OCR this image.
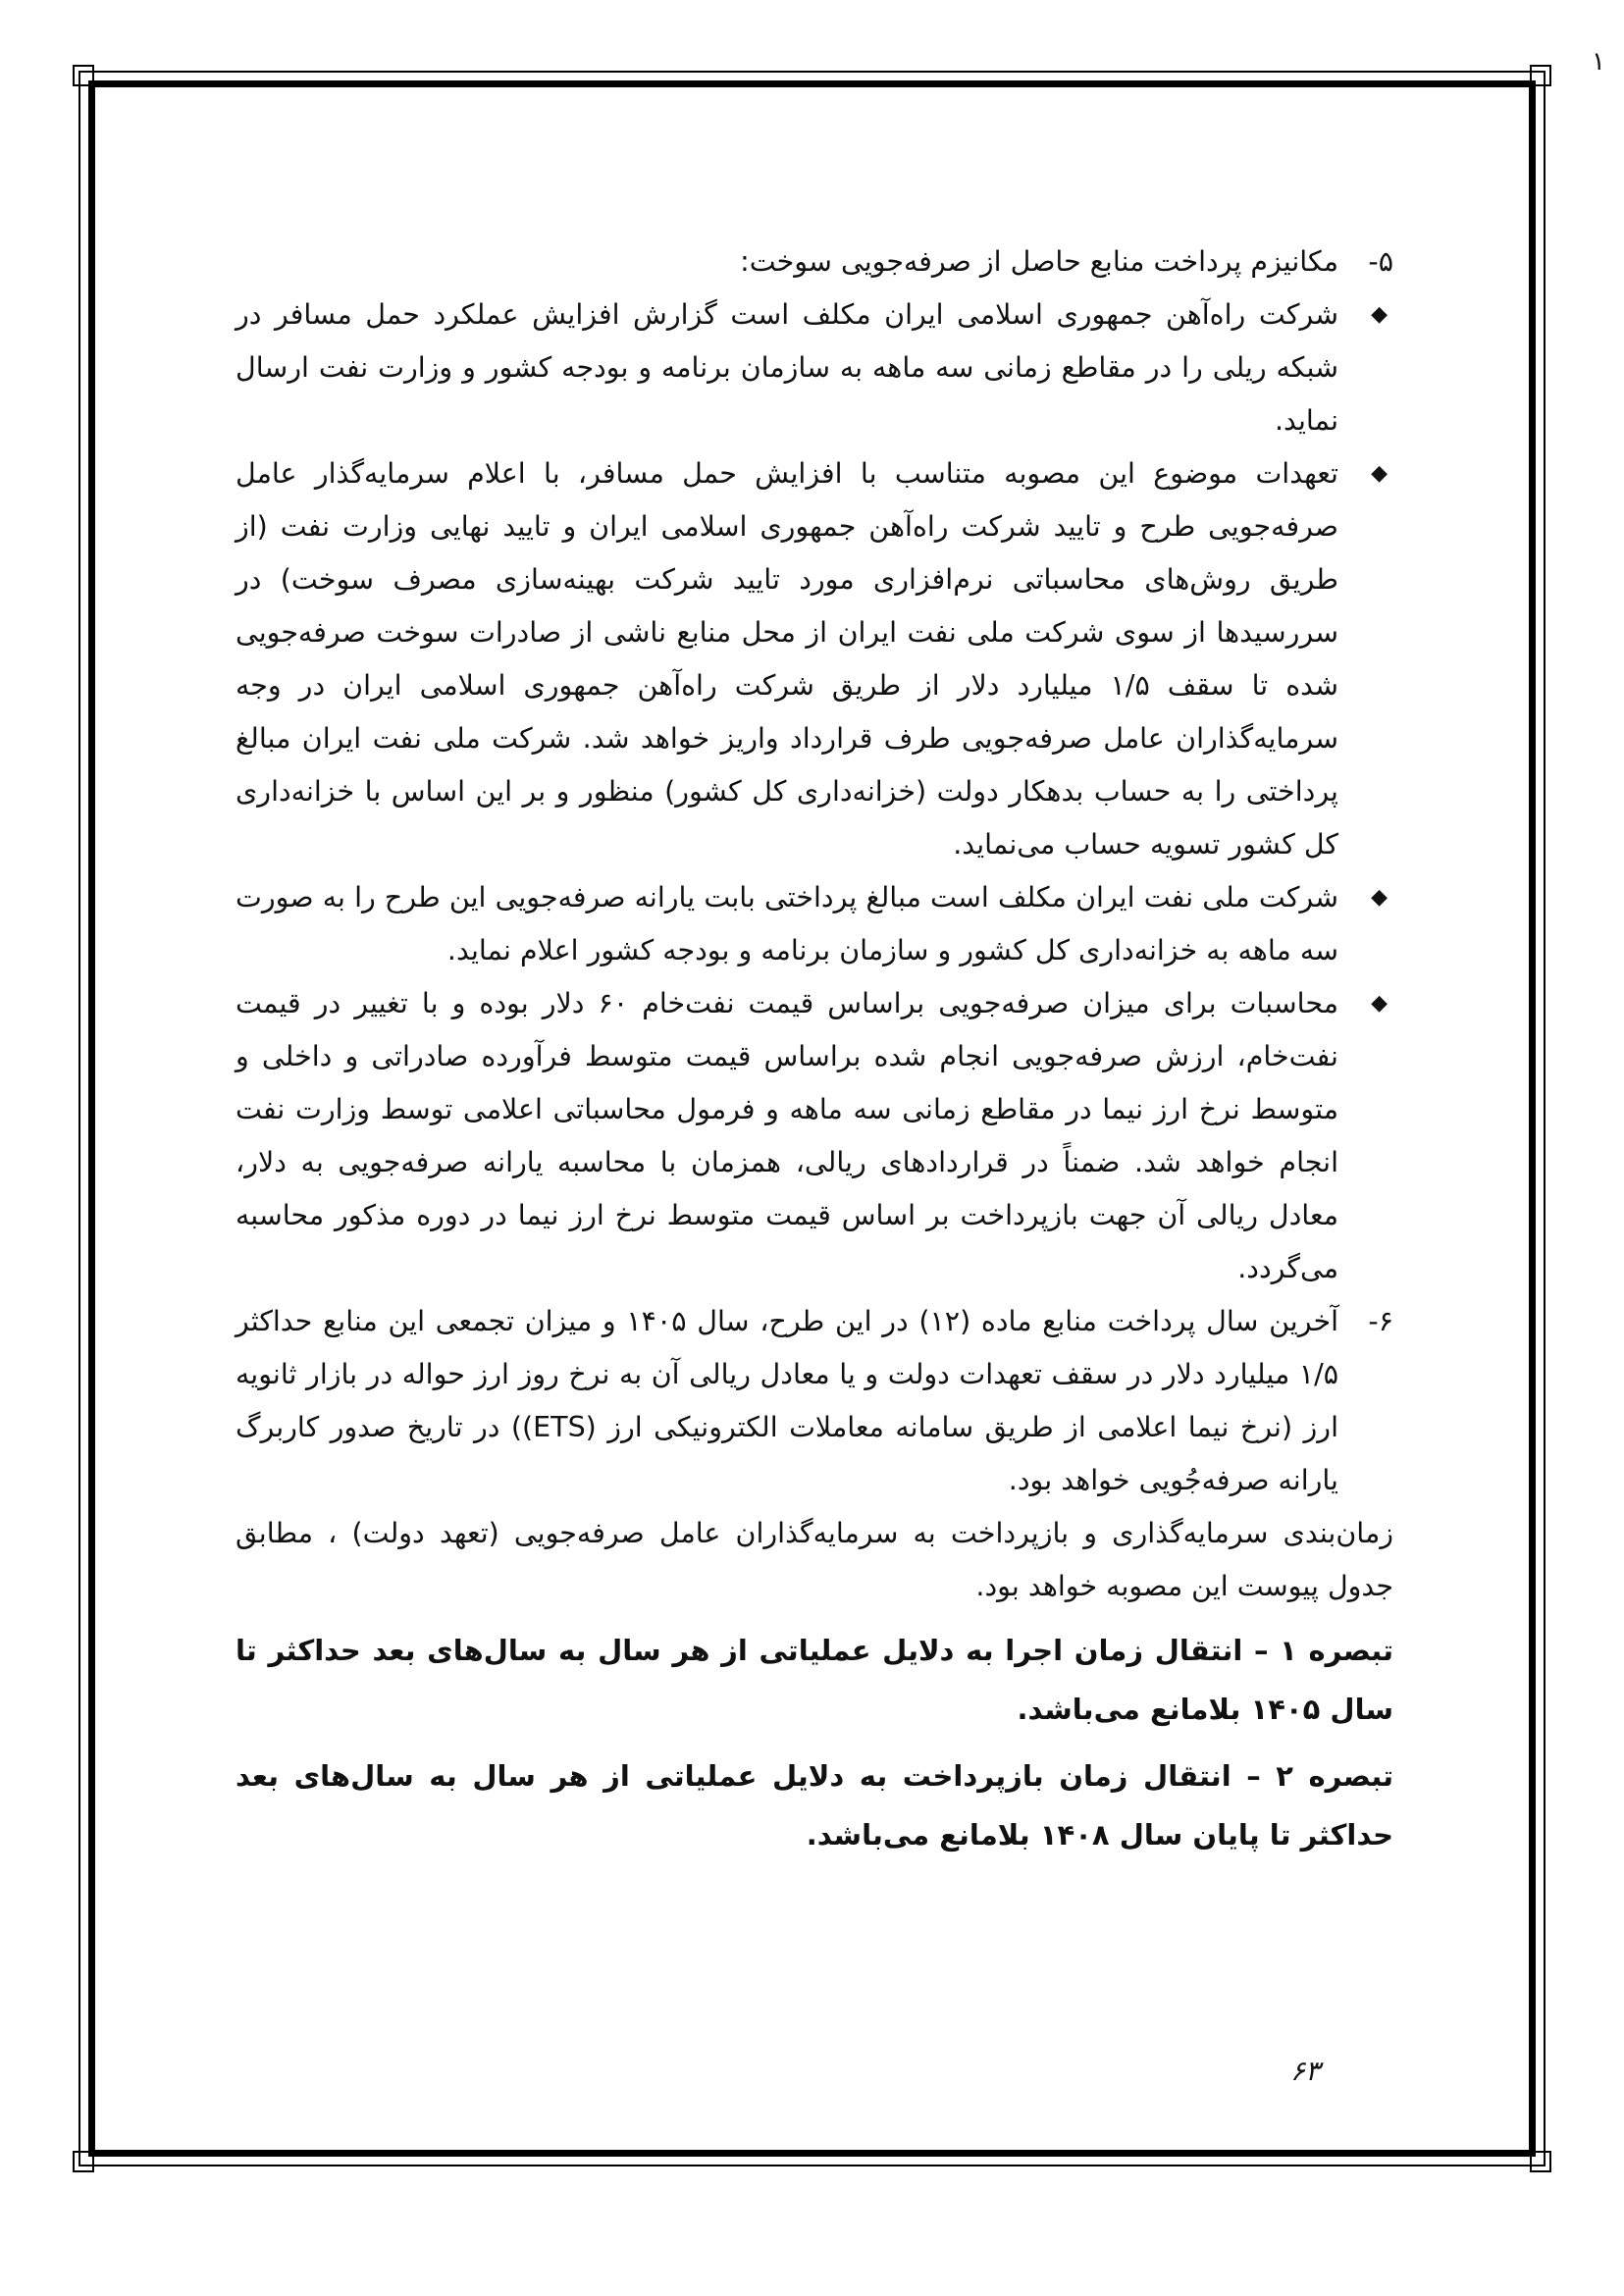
١

۵-
مکانیزم پرداخت منابع حاصل از صرفه‌جویی سوخت:

◆
شرکت راه‌آهن جمهوری اسلامی ایران مکلف است گزارش افزایش عملکرد حمل مسافر در شبکه ریلی را در مقاطع زمانی سه ماهه به سازمان برنامه و بودجه کشور و وزارت نفت ارسال نماید.

◆
تعهدات موضوع این مصوبه متناسب با افزایش حمل مسافر، با اعلام سرمایه‌گذار عامل صرفه‌جویی طرح و تایید شرکت راه‌آهن جمهوری اسلامی ایران و تایید نهایی وزارت نفت (از طریق روش‌های محاسباتی نرم‌افزاری مورد تایید شرکت بهینه‌سازی مصرف سوخت) در سررسیدها از سوی شرکت ملی نفت ایران از محل منابع ناشی از صادرات سوخت صرفه‌جویی شده تا سقف ۱/۵ میلیارد دلار از طریق شرکت راه‌آهن جمهوری اسلامی ایران در وجه سرمایه‌گذاران عامل صرفه‌جویی طرف قرارداد واریز خواهد شد. شرکت ملی نفت ایران مبالغ پرداختی را به حساب بدهکار دولت (خزانه‌داری کل کشور) منظور و بر این اساس با خزانه‌داری کل کشور تسویه حساب می‌نماید.

◆
شرکت ملی نفت ایران مکلف است مبالغ پرداختی بابت یارانه صرفه‌جویی این طرح را به صورت سه ماهه به خزانه‌داری کل کشور و سازمان برنامه و بودجه کشور اعلام نماید.

◆
محاسبات برای میزان صرفه‌جویی براساس قیمت نفت‌خام ۶۰ دلار بوده و با تغییر در قیمت نفت‌خام، ارزش صرفه‌جویی انجام شده براساس قیمت متوسط فرآورده صادراتی و داخلی و متوسط نرخ ارز نیما در مقاطع زمانی سه ماهه و فرمول محاسباتی اعلامی توسط وزارت نفت انجام خواهد شد. ضمناً در قراردادهای ریالی، همزمان با محاسبه یارانه صرفه‌جویی به دلار، معادل ریالی آن جهت بازپرداخت بر اساس قیمت متوسط نرخ ارز نیما در دوره مذکور محاسبه می‌گردد.

۶-
آخرین سال پرداخت منابع ماده (۱۲) در این طرح، سال ۱۴۰۵ و میزان تجمعی این منابع حداکثر ۱/۵ میلیارد دلار در سقف تعهدات دولت و یا معادل ریالی آن به نرخ روز ارز حواله در بازار ثانویه ارز (نرخ نیما اعلامی از طریق سامانه معاملات الکترونیکی ارز (ETS)) در تاریخ صدور کاربرگ یارانه صرفه‌جُویی خواهد بود.

زمان‌بندی سرمایه‌گذاری و بازپرداخت به سرمایه‌گذاران عامل صرفه‌جویی (تعهد دولت) ، مطابق جدول پیوست این مصوبه خواهد بود.

تبصره ۱ – انتقال زمان اجرا به دلایل عملیاتی از هر سال به سال‌های بعد حداکثر تا سال ۱۴۰۵ بلامانع می‌باشد.

تبصره ۲ – انتقال زمان بازپرداخت به دلایل عملیاتی از هر سال به سال‌های بعد حداکثر تا پایان سال ۱۴۰۸ بلامانع می‌باشد.

۶۳
